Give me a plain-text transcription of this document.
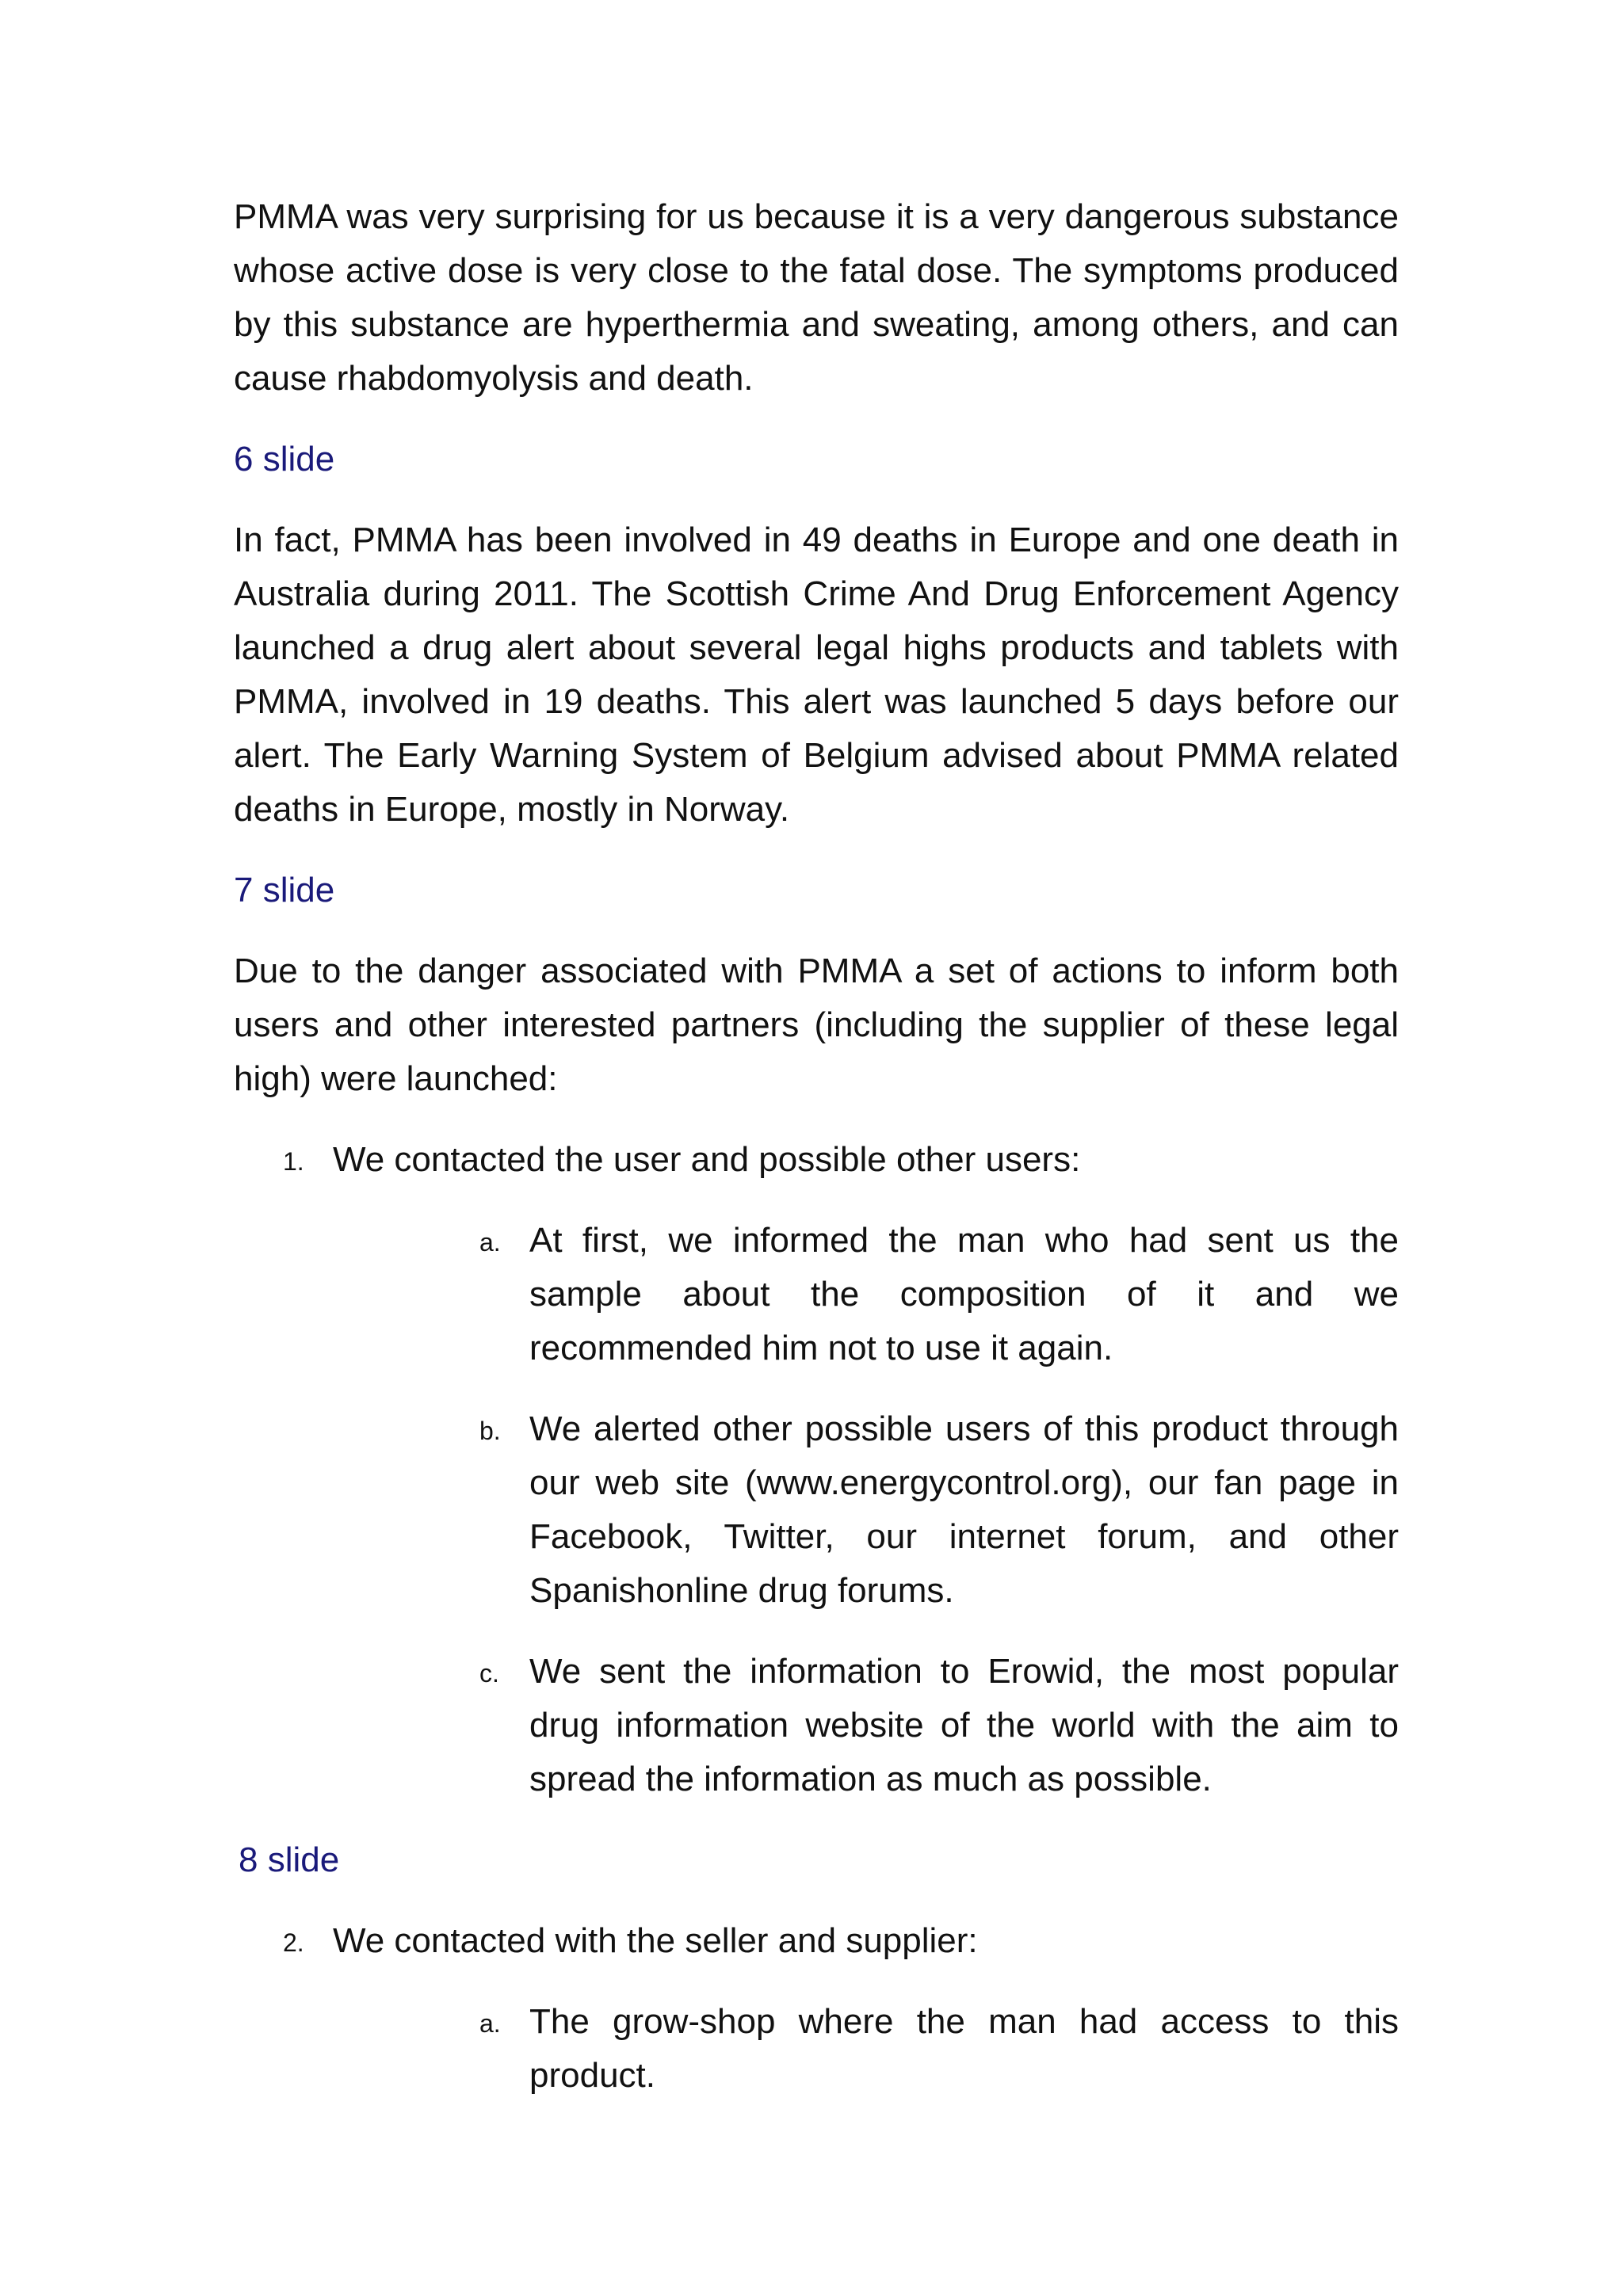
PMMA was very surprising for us because it is a very dangerous substance whose active dose is very close to the fatal dose. The symptoms produced by this substance are hyperthermia and sweating, among others, and can cause rhabdomyolysis and death.

6 slide

In fact, PMMA has been involved in 49 deaths in Europe and one death in Australia during 2011. The Scottish Crime And Drug Enforcement Agency launched a drug alert about several legal highs products and tablets with PMMA, involved in 19 deaths. This alert was launched 5 days before our alert. The Early Warning System of Belgium advised about PMMA related deaths in Europe, mostly in Norway.

7 slide

Due to the danger associated with PMMA a set of actions to inform both users and other interested partners (including the supplier of these legal high) were launched:

1. We contacted the user and possible other users:
a. At first, we informed the man who had sent us the sample about the composition of it and we recommended him not to use it again.
b. We alerted other possible users of this product through our web site (www.energycontrol.org), our fan page in Facebook, Twitter, our internet forum, and other Spanishonline drug forums.
c. We sent the information to Erowid, the most popular drug information website of the world with the aim to spread the information as much as possible.

8 slide

2. We contacted with the seller and supplier:
a. The grow-shop where the man had access to this product.
